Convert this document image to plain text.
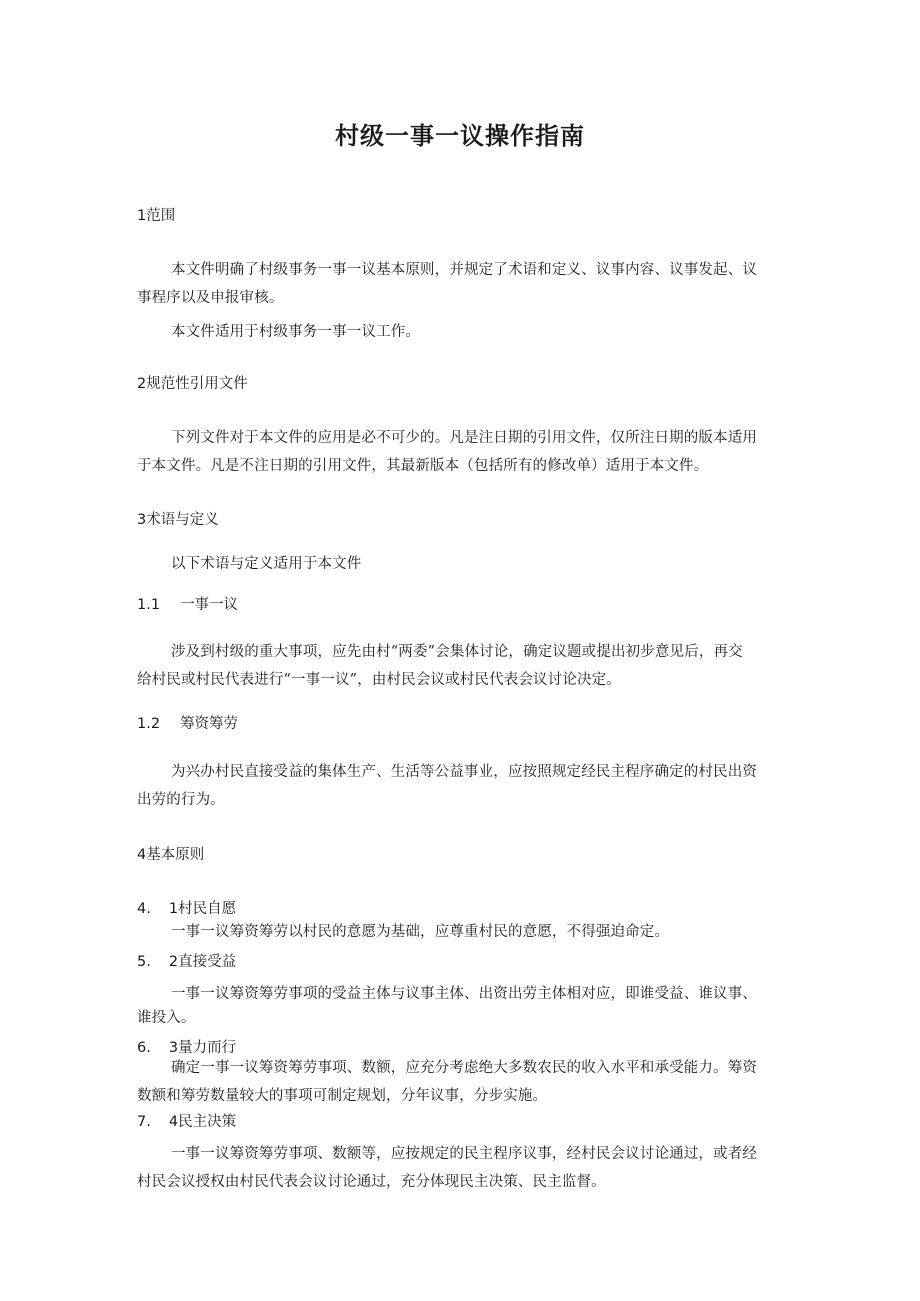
村级一事一议操作指南
1范围
本文件明确了村级事务一事一议基本原则，并规定了术语和定义、议事内容、议事发起、议
事程序以及申报审核。
本文件适用于村级事务一事一议工作。
2规范性引用文件
下列文件对于本文件的应用是必不可少的。凡是注日期的引用文件，仅所注日期的版本适用
于本文件。凡是不注日期的引用文件，其最新版本（包括所有的修改单）适用于本文件。
3术语与定义
以下术语与定义适用于本文件
1.1 一事一议
涉及到村级的重大事项，应先由村“两委”会集体讨论，确定议题或提出初步意见后，再交
给村民或村民代表进行“一事一议”，由村民会议或村民代表会议讨论决定。
1.2 筹资筹劳
为兴办村民直接受益的集体生产、生活等公益事业，应按照规定经民主程序确定的村民出资
出劳的行为。
4基本原则
4. 1村民自愿
一事一议筹资筹劳以村民的意愿为基础，应尊重村民的意愿，不得强迫命定。
5. 2直接受益
一事一议筹资筹劳事项的受益主体与议事主体、出资出劳主体相对应，即谁受益、谁议事、
谁投入。
6. 3量力而行
确定一事一议筹资筹劳事项、数额，应充分考虑绝大多数农民的收入水平和承受能力。筹资
数额和筹劳数量较大的事项可制定规划，分年议事，分步实施。
7. 4民主决策
一事一议筹资筹劳事项、数额等，应按规定的民主程序议事，经村民会议讨论通过，或者经
村民会议授权由村民代表会议讨论通过，充分体现民主决策、民主监督。
